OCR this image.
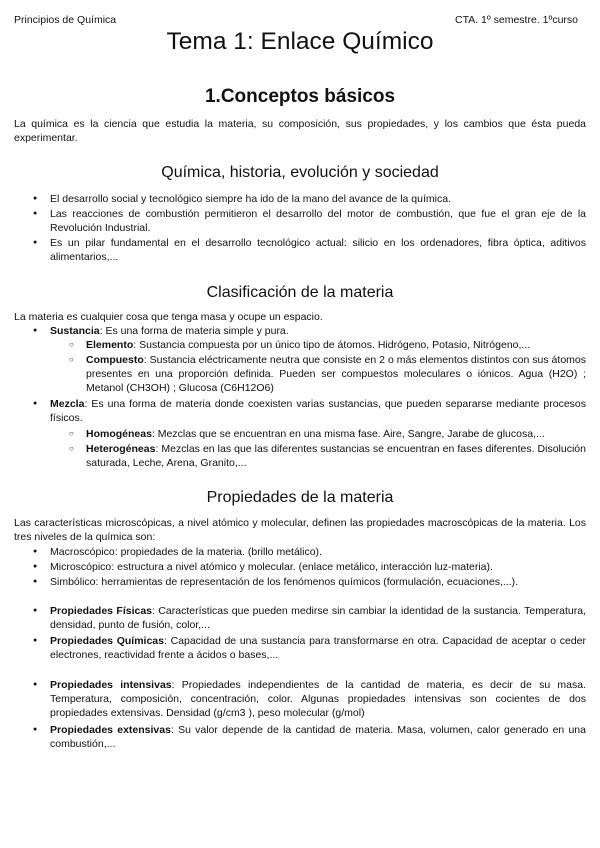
Principios de Química	CTA. 1º semestre. 1ºcurso
Tema 1: Enlace Químico
1.Conceptos básicos

La química es la ciencia que estudia la materia, su composición, sus propiedades, y los cambios que ésta pueda experimentar.

Química, historia, evolución y sociedad
● El desarrollo social y tecnológico siempre ha ido de la mano del avance de la química.
● Las reacciones de combustión permitieron el desarrollo del motor de combustión, que fue el gran eje de la Revolución Industrial.
● Es un pilar fundamental en el desarrollo tecnológico actual: silicio en los ordenadores, fibra óptica, aditivos alimentarios,...
Clasificación de la materia

La materia es cualquier cosa que tenga masa y ocupe un espacio.

● Sustancia: Es una forma de materia simple y pura.
○ Elemento: Sustancia compuesta por un único tipo de átomos. Hidrógeno, Potasio, Nitrógeno,...
○ Compuesto: Sustancia eléctricamente neutra que consiste en 2 o más elementos distintos con sus átomos presentes en una proporción definida. Pueden ser compuestos moleculares o iónicos. Agua (H2O) ; Metanol (CH3OH) ; Glucosa (C6H12O6)
● Mezcla: Es una forma de materia donde coexisten varias sustancias, que pueden separarse mediante procesos físicos.
○ Homogéneas: Mezclas que se encuentran en una misma fase. Aire, Sangre, Jarabe de glucosa,...
○ Heterogéneas: Mezclas en las que las diferentes sustancias se encuentran en fases diferentes. Disolución saturada, Leche, Arena, Granito,...
Propiedades de la materia

Las características microscópicas, a nivel atómico y molecular, definen las propiedades macroscópicas de la materia. Los tres niveles de la química son:

● Macroscópico: propiedades de la materia. (brillo metálico).
● Microscópico: estructura a nivel atómico y molecular. (enlace metálico, interacción luz-materia).
● Simbólico: herramientas de representación de los fenómenos químicos (formulación, ecuaciones,...).
● Propiedades Físicas: Características que pueden medirse sin cambiar la identidad de la sustancia. Temperatura, densidad, punto de fusión, color,...
● Propiedades Químicas: Capacidad de una sustancia para transformarse en otra. Capacidad de aceptar o ceder electrones, reactividad frente a ácidos o bases,...
● Propiedades intensivas: Propiedades independientes de la cantidad de materia, es decir de su masa. Temperatura, composición, concentración, color. Algunas propiedades intensivas son cocientes de dos propiedades extensivas. Densidad (g/cm3 ), peso molecular (g/mol)
● Propiedades extensivas: Su valor depende de la cantidad de materia. Masa, volumen, calor generado en una combustión,...
